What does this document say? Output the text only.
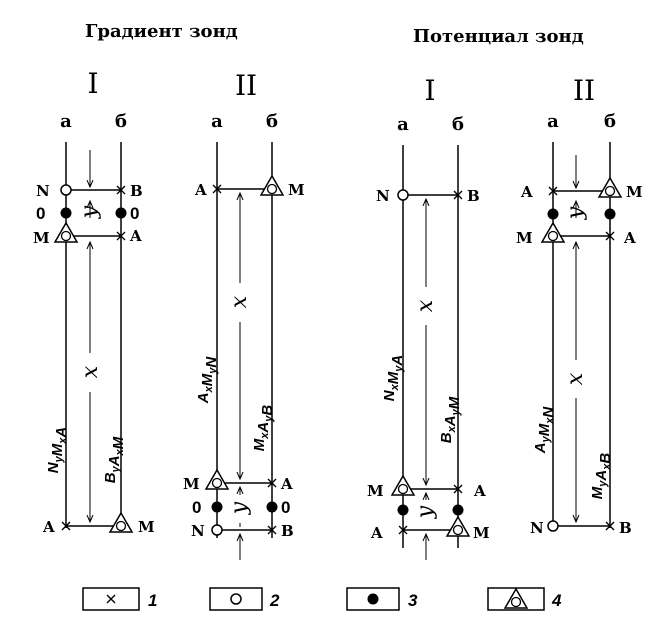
Градиент зонд	Потенциал зонд
I	II	I	II
а б	а б	а б	а	б
y
x
N	B
0	0
M	A
A	M
$N_yM_xA$
$B_yA_xM$
x
y
A	M
M	A
0	0
N	B
$A_xM_yN$
$M_xA_yB$
x
y
N	B
M	A
A	M
$N_xM_yA$
$B_xA_yM$
y
x
A	M
M	A
N	B
$A_yM_xN$
$M_yA_xB$
1	2	3	4
